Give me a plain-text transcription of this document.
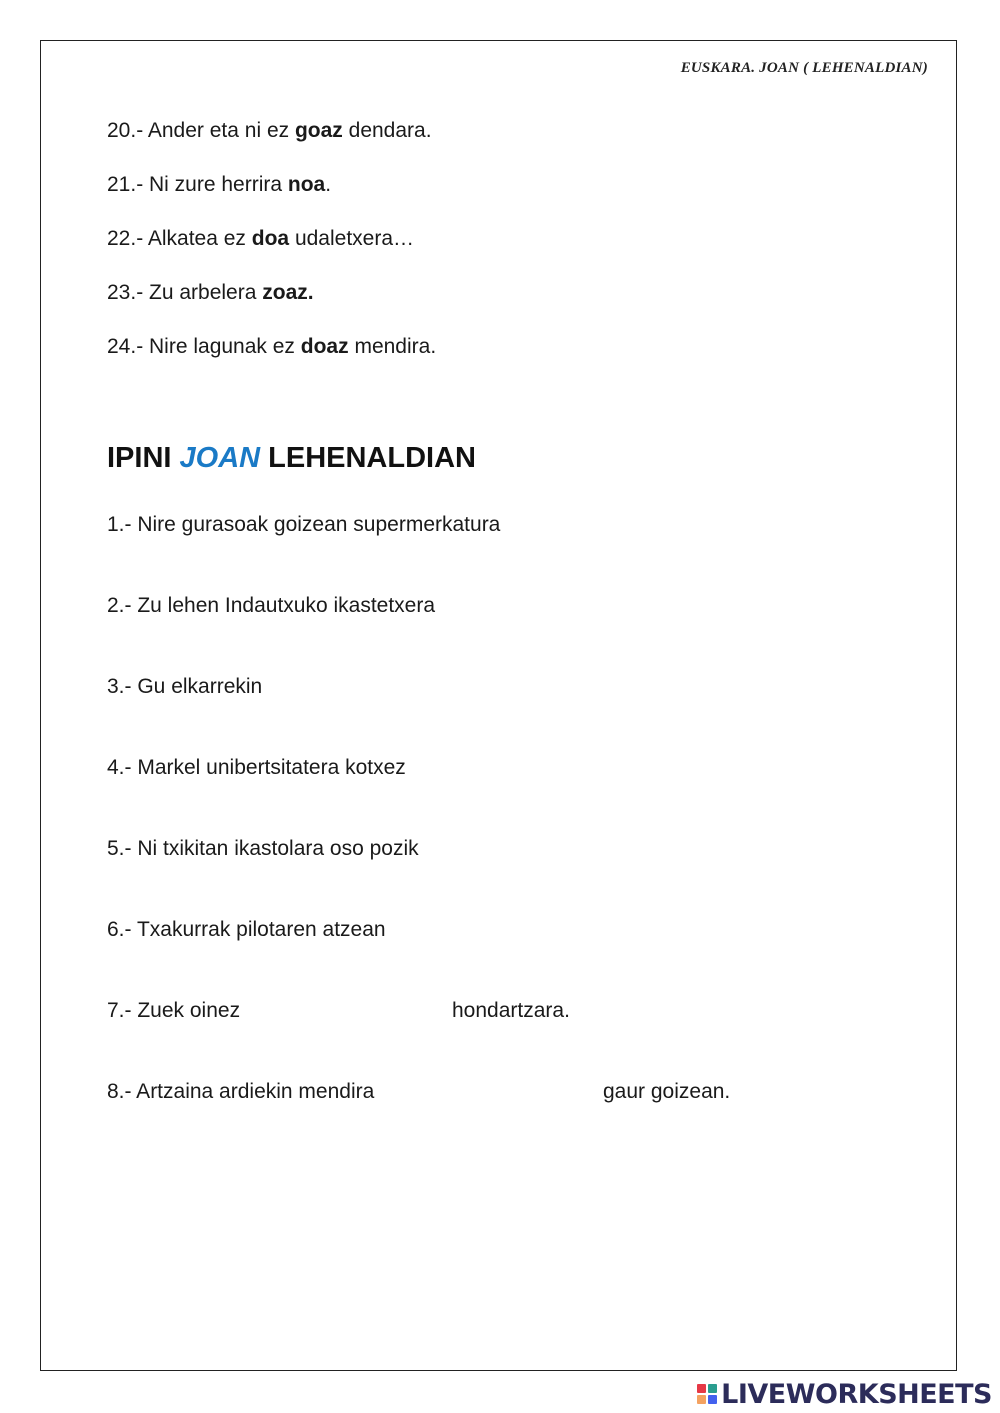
EUSKARA. JOAN ( LEHENALDIAN)
20.- Ander eta ni ez goaz dendara.
21.- Ni zure herrira noa.
22.- Alkatea ez doa udaletxera…
23.- Zu arbelera zoaz.
24.- Nire lagunak ez doaz mendira.
IPINI JOAN LEHENALDIAN
1.- Nire gurasoak goizean supermerkatura
2.- Zu lehen Indautxuko ikastetxera
3.- Gu elkarrekin
4.- Markel unibertsitatera kotxez
5.- Ni txikitan ikastolara oso pozik
6.- Txakurrak pilotaren atzean
7.- Zuek oinez	hondartzara.
8.- Artzaina ardiekin mendira	gaur goizean.
LIVEWORKSHEETS
